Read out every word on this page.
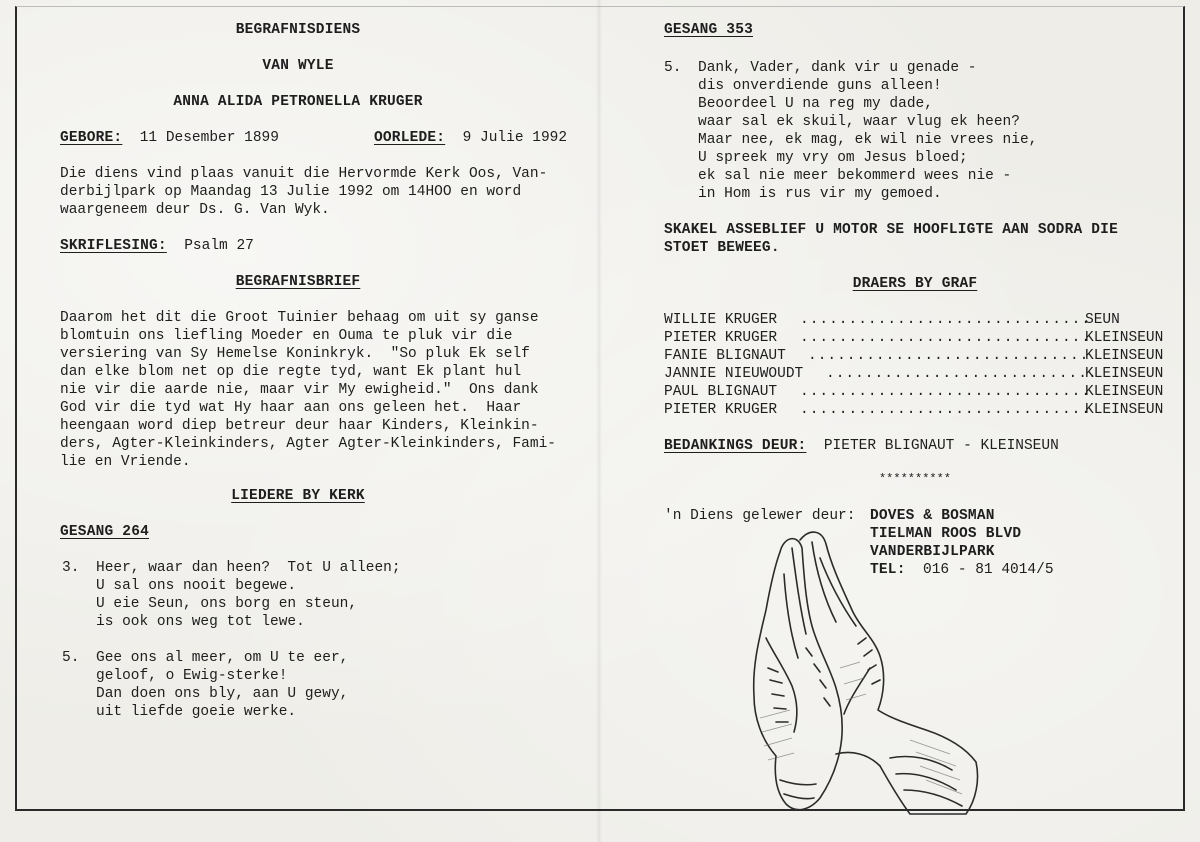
BEGRAFNISDIENS
VAN WYLE
ANNA ALIDA PETRONELLA KRUGER
GEBORE: 11 Desember 1899	OORLEDE: 9 Julie 1992
Die diens vind plaas vanuit die Hervormde Kerk Oos, Van-
derbijlpark op Maandag 13 Julie 1992 om 14HOO en word
waargeneem deur Ds. G. Van Wyk.
SKRIFLESING: Psalm 27
BEGRAFNISBRIEF
Daarom het dit die Groot Tuinier behaag om uit sy ganse
blomtuin ons liefling Moeder en Ouma te pluk vir die
versiering van Sy Hemelse Koninkryk.  "So pluk Ek self
dan elke blom net op die regte tyd, want Ek plant hul
nie vir die aarde nie, maar vir My ewigheid."  Ons dank
God vir die tyd wat Hy haar aan ons geleen het.  Haar
heengaan word diep betreur deur haar Kinders, Kleinkin-
ders, Agter-Kleinkinders, Agter Agter-Kleinkinders, Fami-
lie en Vriende.
LIEDERE BY KERK
GESANG 264
3. Heer, waar dan heen?  Tot U alleen;
U sal ons nooit begewe.
U eie Seun, ons borg en steun,
is ook ons weg tot lewe.
5. Gee ons al meer, om U te eer,
geloof, o Ewig-sterke!
Dan doen ons bly, aan U gewy,
uit liefde goeie werke.
GESANG 353
5. Dank, Vader, dank vir u genade -
dis onverdiende guns alleen!
Beoordeel U na reg my dade,
waar sal ek skuil, waar vlug ek heen?
Maar nee, ek mag, ek wil nie vrees nie,
U spreek my vry om Jesus bloed;
ek sal nie meer bekommerd wees nie -
in Hom is rus vir my gemoed.
SKAKEL ASSEBLIEF U MOTOR SE HOOFLIGTE AAN SODRA DIE
STOET BEWEEG.
DRAERS BY GRAF
WILLIE KRUGER ..............................
SEUN
PIETER KRUGER ..............................
KLEINSEUN
FANIE BLIGNAUT .............................
KLEINSEUN
JANNIE NIEUWOUDT ............................
KLEINSEUN
PAUL BLIGNAUT ..............................
KLEINSEUN
PIETER KRUGER ..............................
KLEINSEUN
BEDANKINGS DEUR: PIETER BLIGNAUT - KLEINSEUN
**********
'n Diens gelewer deur: DOVES & BOSMAN
TIELMAN ROOS BLVD
VANDERBIJLPARK
TEL: 016 - 81 4014/5
